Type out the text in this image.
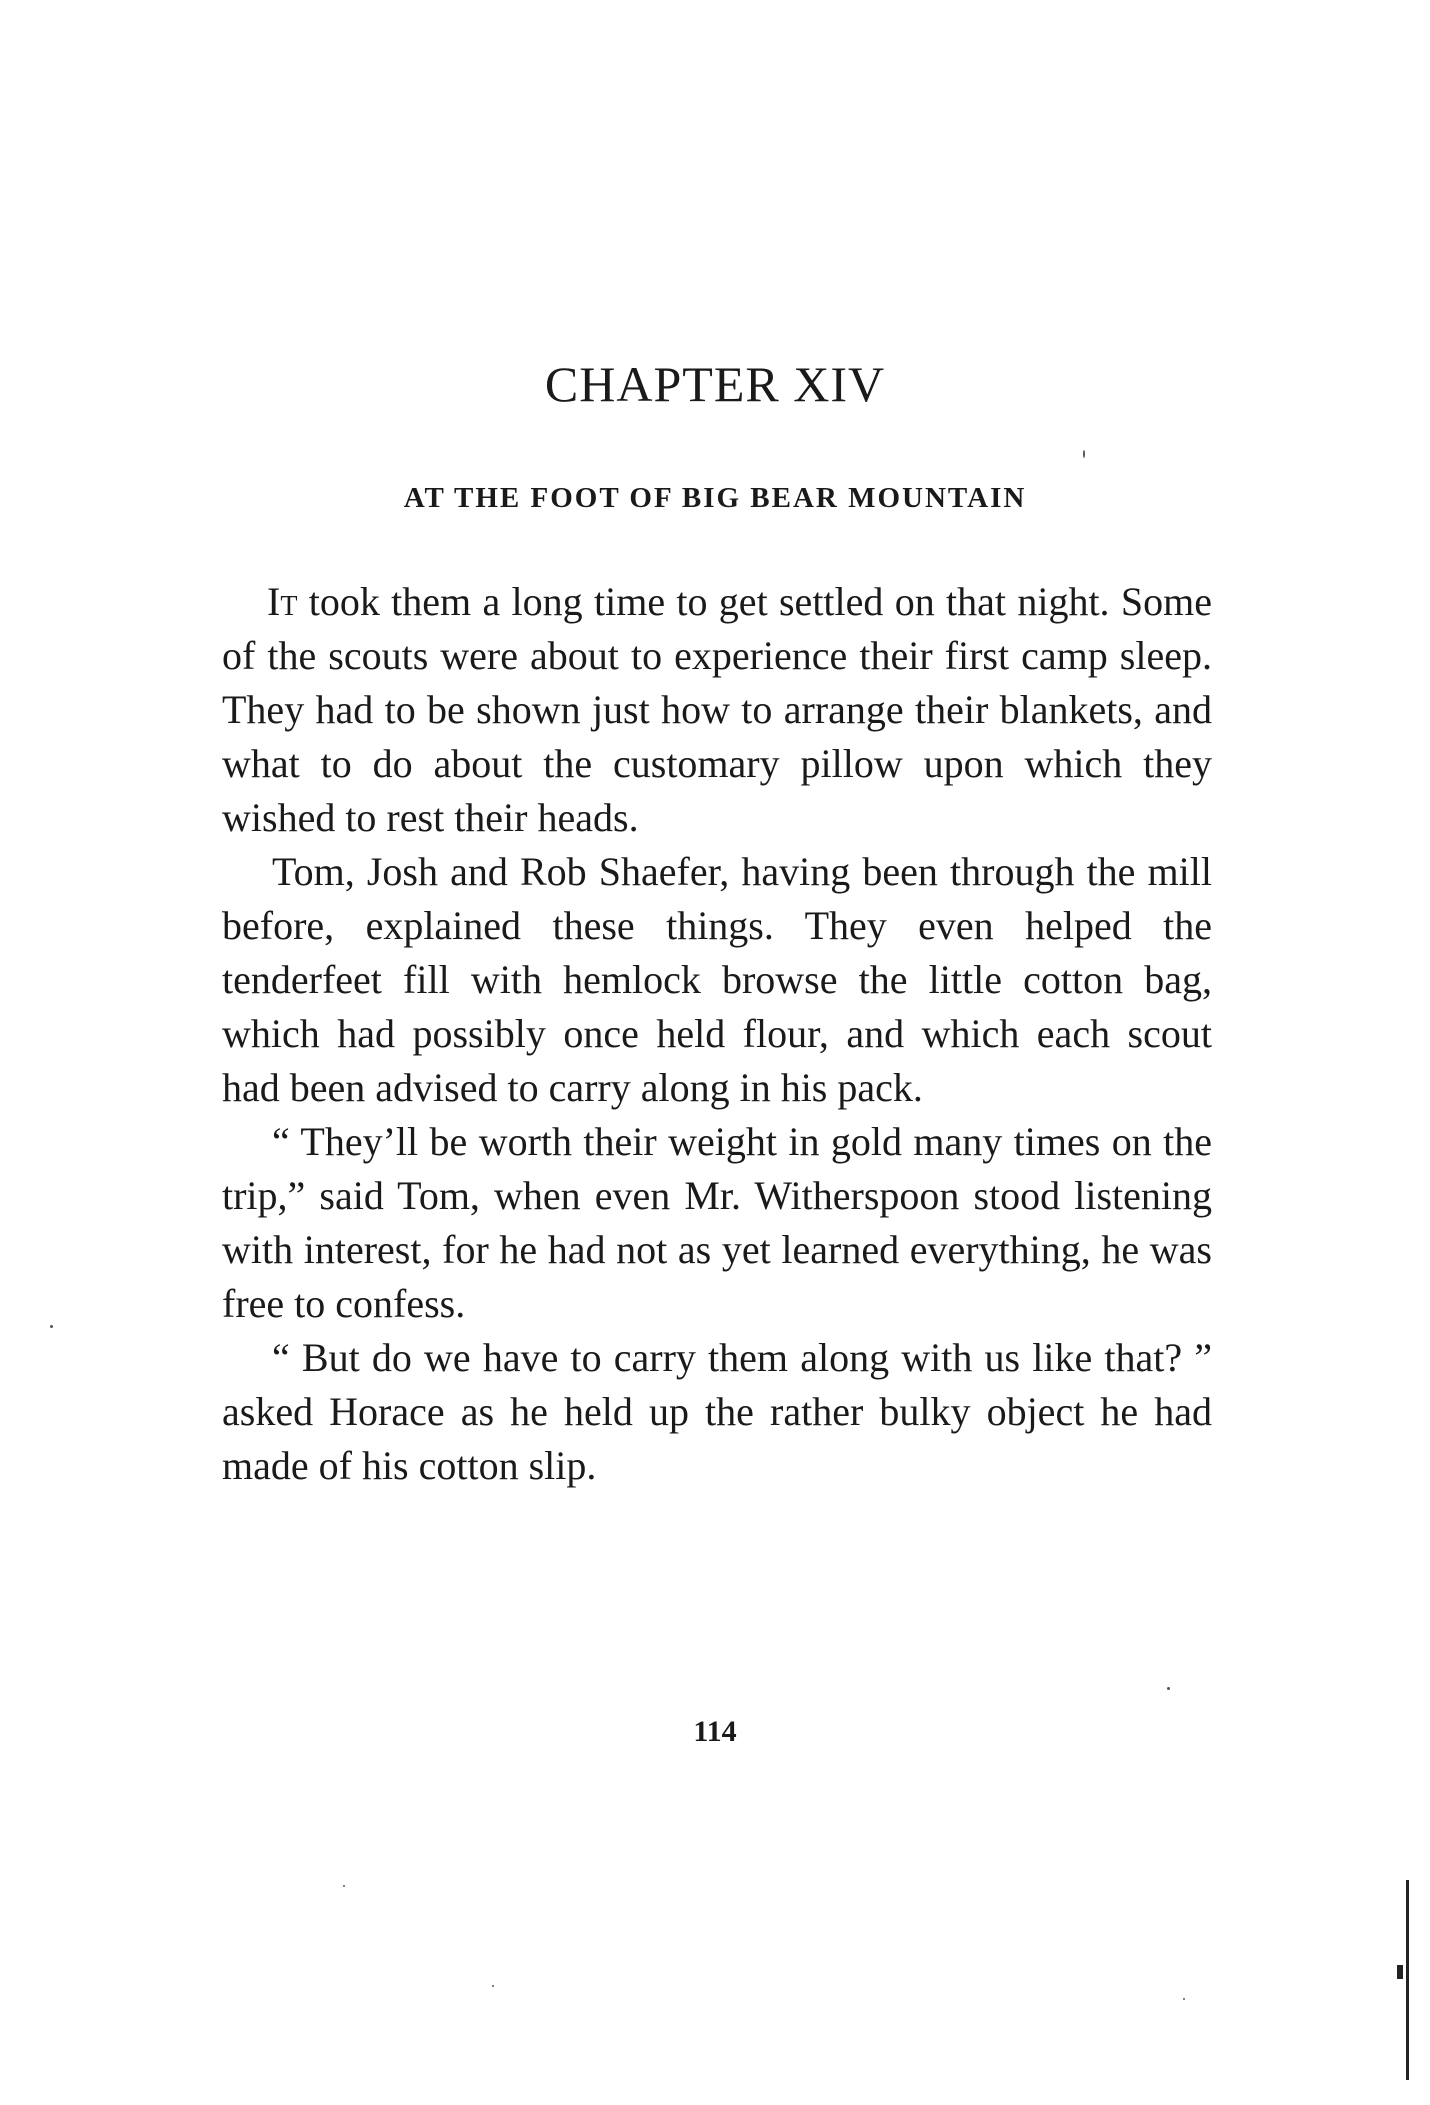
CHAPTER XIV
AT THE FOOT OF BIG BEAR MOUNTAIN

It took them a long time to get settled on that night. Some of the scouts were about to experience their first camp sleep. They had to be shown just how to arrange their blankets, and what to do about the customary pillow upon which they wished to rest their heads.

Tom, Josh and Rob Shaefer, having been through the mill before, explained these things. They even helped the tenderfeet fill with hemlock browse the little cotton bag, which had possibly once held flour, and which each scout had been advised to carry along in his pack.

“ They’ll be worth their weight in gold many times on the trip,” said Tom, when even Mr. Witherspoon stood listening with interest, for he had not as yet learned everything, he was free to confess.

“ But do we have to carry them along with us like that? ” asked Horace as he held up the rather bulky object he had made of his cotton slip.

114
